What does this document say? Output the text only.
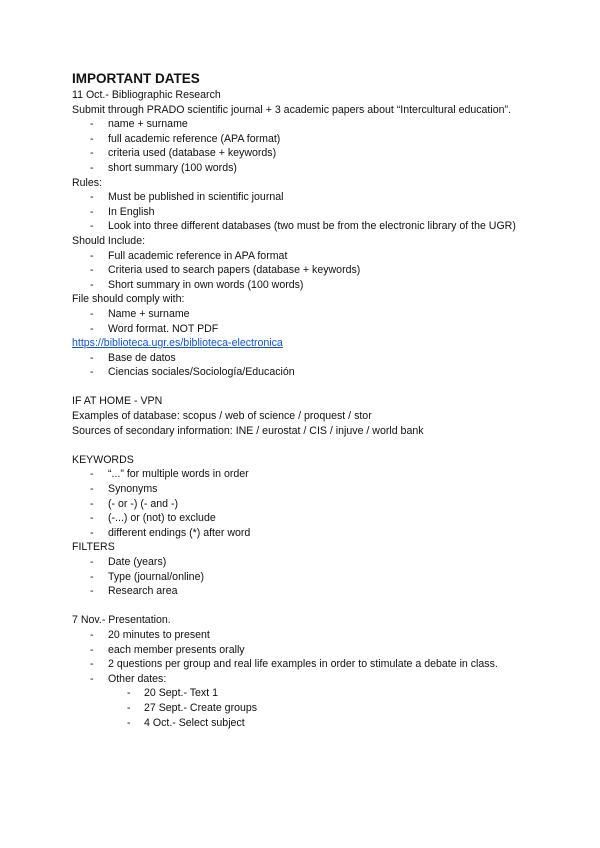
IMPORTANT DATES
11 Oct.- Bibliographic Research
Submit through PRADO scientific journal + 3 academic papers about “Intercultural education”.
- name + surname
- full academic reference (APA format)
- criteria used (database + keywords)
- short summary (100 words)
Rules:
- Must be published in scientific journal
- In English
- Look into three different databases (two must be from the electronic library of the UGR)
Should Include:
- Full academic reference in APA format
- Criteria used to search papers (database + keywords)
- Short summary in own words (100 words)
File should comply with:
- Name + surname
- Word format. NOT PDF
https://biblioteca.ugr.es/biblioteca-electronica
- Base de datos
- Ciencias sociales/Sociología/Educación
IF AT HOME - VPN
Examples of database: scopus / web of science / proquest / stor
Sources of secondary information: INE / eurostat / CIS / injuve / world bank
KEYWORDS
- “...” for multiple words in order
- Synonyms
- (- or -) (- and -)
- (-...) or (not) to exclude
- different endings (*) after word
FILTERS
- Date (years)
- Type (journal/online)
- Research area
7 Nov.- Presentation.
- 20 minutes to present
- each member presents orally
- 2 questions per group and real life examples in order to stimulate a debate in class.
- Other dates:
- 20 Sept.- Text 1
- 27 Sept.- Create groups
- 4 Oct.- Select subject
